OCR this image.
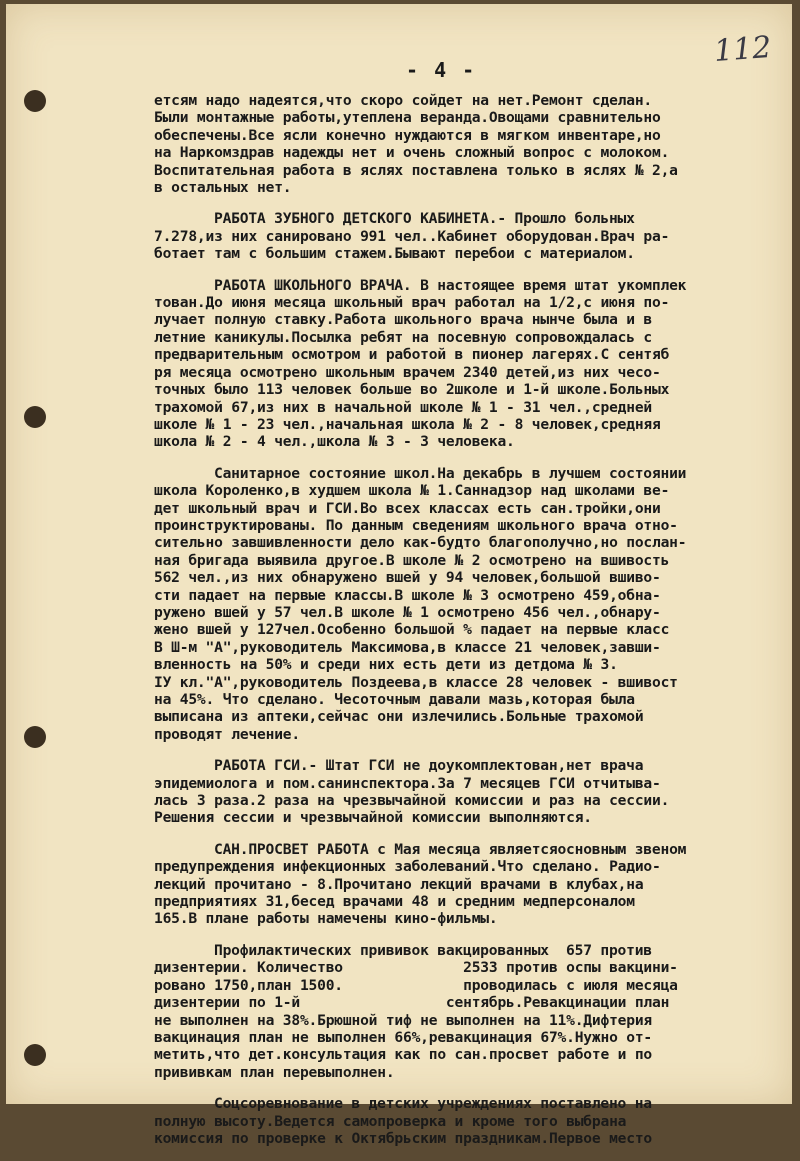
112
- 4 -
етсям надо надеятся,что скоро сойдет на нет.Ремонт сделан.
Были монтажные работы,утеплена веранда.Овощами сравнительно
обеспечены.Все ясли конечно нуждаются в мягком инвентаре,но
на Наркомздрав надежды нет и очень сложный вопрос с молоком.
Воспитательная работа в яслях поставлена только в яслях № 2,а
в остальных нет.
РАБОТА ЗУБНОГО ДЕТСКОГО КАБИНЕТА.- Прошло больных
7.278,из них санировано 991 чел..Кабинет оборудован.Врач ра-
ботает там с большим стажем.Бывают перебои с материалом.
РАБОТА ШКОЛЬНОГО ВРАЧА. В настоящее время штат укомплек
тован.До июня месяца школьный врач работал на 1/2,с июня по-
лучает полную ставку.Работа школьного врача нынче была и в
летние каникулы.Посылка ребят на посевную сопровождалась с
предварительным осмотром и работой в пионер лагерях.С сентяб
ря месяца осмотрено школьным врачем 2340 детей,из них чесо-
точных было 113 человек больше во 2школе и 1-й школе.Больных
трахомой 67,из них в начальной школе № 1 - 31 чел.,средней
школе № 1 - 23 чел.,начальная школа № 2 - 8 человек,средняя
школа № 2 - 4 чел.,школа № 3 - 3 человека.
Санитарное состояние школ.На декабрь в лучшем состоянии
школа Короленко,в худшем школа № 1.Саннадзор над школами ве-
дет школьный врач и ГСИ.Во всех классах есть сан.тройки,они
проинструктированы. По данным сведениям школьного врача отно-
сительно завшивленности дело как-будто благополучно,но послан-
ная бригада выявила другое.В школе № 2 осмотрено на вшивость
562 чел.,из них обнаружено вшей у 94 человек,большой вшиво-
сти падает на первые классы.В школе № 3 осмотрено 459,обна-
ружено вшей у 57 чел.В школе № 1 осмотрено 456 чел.,обнару-
жено вшей у 127чел.Особенно большой % падает на первые класс
В Ш-м "А",руководитель Максимова,в классе 21 человек,завши-
вленность на 50% и среди них есть дети из детдома № 3.
ІУ кл."А",руководитель Поздеева,в классе 28 человек - вшивост
на 45%. Что сделано. Чесоточным давали мазь,которая была
выписана из аптеки,сейчас они излечились.Больные трахомой
проводят лечение.
РАБОТА ГСИ.- Штат ГСИ не доукомплектован,нет врача
эпидемиолога и пом.санинспектора.За 7 месяцев ГСИ отчитыва-
лась 3 раза.2 раза на чрезвычайной комиссии и раз на сессии.
Решения сессии и чрезвычайной комиссии выполняются.
САН.ПРОСВЕТ РАБОТА с Мая месяца являетсяосновным звеном
предупреждения инфекционных заболеваний.Что сделано. Радио-
лекций прочитано - 8.Прочитано лекций врачами в клубах,на
предприятиях 31,бесед врачами 48 и средним медперсоналом
165.В плане работы намечены кино-фильмы.
Профилактических прививок вакцированных  657 против
дизентерии. Количество              2533 против оспы вакцини-
ровано 1750,план 1500.              проводилась с июля месяца
дизентерии по 1-й                 сентябрь.Ревакцинации план
не выполнен на 38%.Брюшной тиф не выполнен на 11%.Дифтерия
вакцинация план не выполнен 66%,ревакцинация 67%.Нужно от-
метить,что дет.консультация как по сан.просвет работе и по
прививкам план перевыполнен.
Соцсоревнование в детских учреждениях поставлено на
полную высоту.Ведется самопроверка и кроме того выбрана
комиссия по проверке к Октябрьским праздникам.Первое место
